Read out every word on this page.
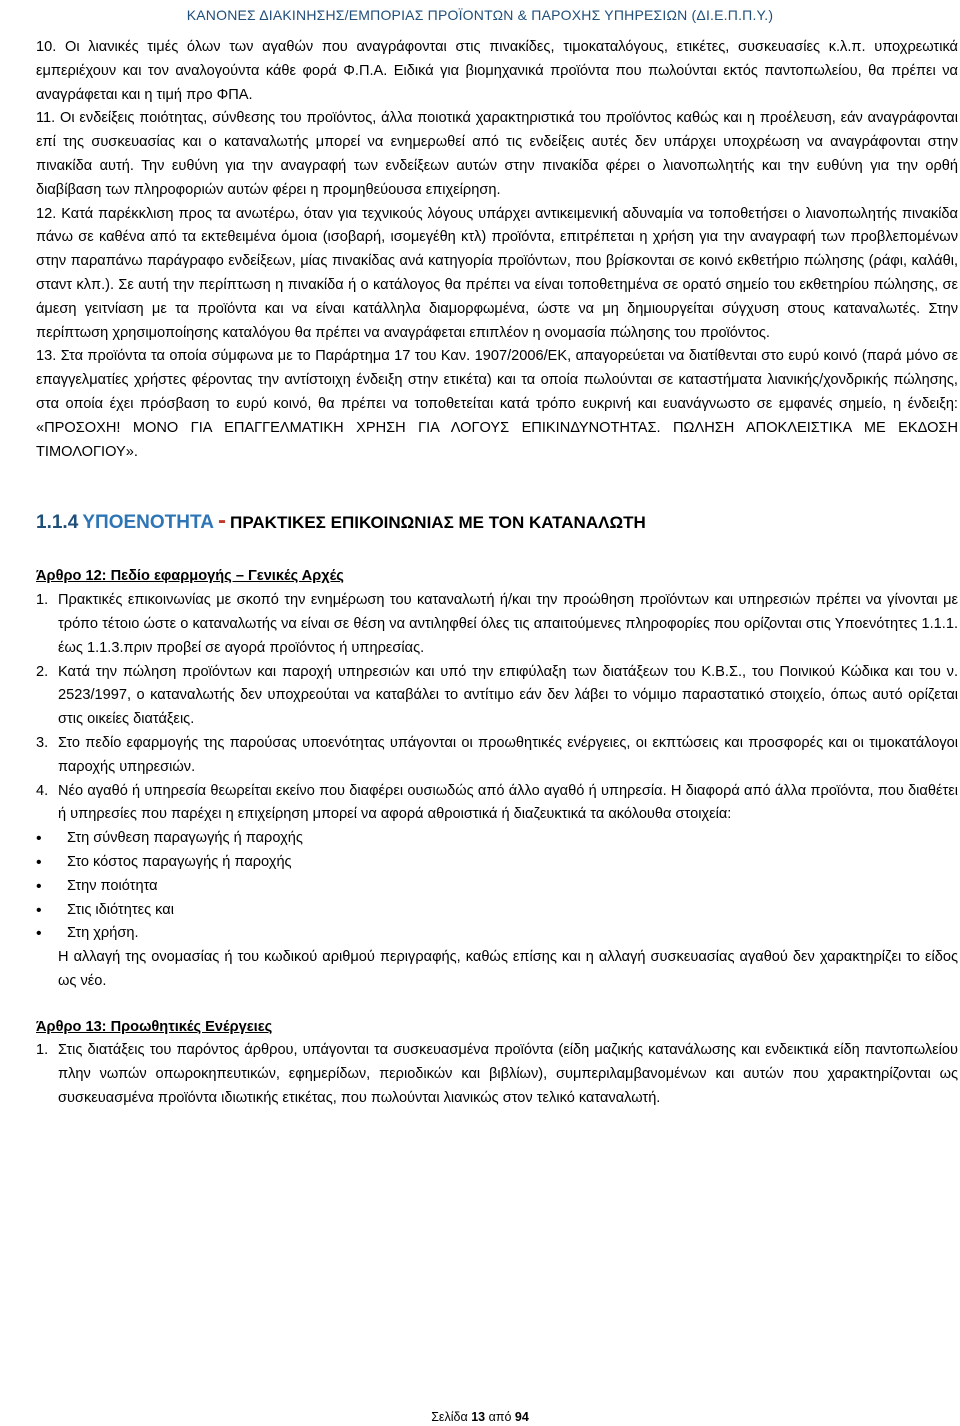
ΚΑΝΟΝΕΣ ΔΙΑΚΙΝΗΣΗΣ/ΕΜΠΟΡΙΑΣ ΠΡΟΪΟΝΤΩΝ & ΠΑΡΟΧΗΣ ΥΠΗΡΕΣΙΩΝ (ΔΙ.Ε.Π.Π.Υ.)

10. Οι λιανικές τιμές όλων των αγαθών που αναγράφονται στις πινακίδες, τιμοκαταλόγους, ετικέτες, συσκευασίες κ.λ.π. υποχρεωτικά εμπεριέχουν και τον αναλογούντα κάθε φορά Φ.Π.Α. Ειδικά για βιομηχανικά προϊόντα που πωλούνται εκτός παντοπωλείου, θα πρέπει να αναγράφεται και η τιμή προ ΦΠΑ.

11. Οι ενδείξεις ποιότητας, σύνθεσης του προϊόντος, άλλα ποιοτικά χαρακτηριστικά του προϊόντος καθώς και η προέλευση, εάν αναγράφονται επί της συσκευασίας και ο καταναλωτής μπορεί να ενημερωθεί από τις ενδείξεις αυτές δεν υπάρχει υποχρέωση να αναγράφονται στην πινακίδα αυτή. Την ευθύνη για την αναγραφή των ενδείξεων αυτών στην πινακίδα φέρει ο λιανοπωλητής και την ευθύνη για την ορθή διαβίβαση των πληροφοριών αυτών φέρει η προμηθεύουσα επιχείρηση.

12. Κατά παρέκκλιση προς τα ανωτέρω, όταν για τεχνικούς λόγους υπάρχει αντικειμενική αδυναμία να τοποθετήσει ο λιανοπωλητής πινακίδα πάνω σε καθένα από τα εκτεθειμένα όμοια (ισοβαρή, ισομεγέθη κτλ) προϊόντα, επιτρέπεται η χρήση για την αναγραφή των προβλεπομένων στην παραπάνω παράγραφο ενδείξεων, μίας πινακίδας ανά κατηγορία προϊόντων, που βρίσκονται σε κοινό εκθετήριο πώλησης (ράφι, καλάθι, σταντ κλπ.). Σε αυτή την περίπτωση η πινακίδα ή ο κατάλογος θα πρέπει να είναι τοποθετημένα σε ορατό σημείο του εκθετηρίου πώλησης, σε άμεση γειτνίαση με τα προϊόντα και να είναι κατάλληλα διαμορφωμένα, ώστε να μη δημιουργείται σύγχυση στους καταναλωτές. Στην περίπτωση χρησιμοποίησης καταλόγου θα πρέπει να αναγράφεται επιπλέον η ονομασία πώλησης του προϊόντος.

13. Στα προϊόντα τα οποία σύμφωνα με το Παράρτημα 17 του Καν. 1907/2006/ΕΚ, απαγορεύεται να διατίθενται στο ευρύ κοινό (παρά μόνο σε επαγγελματίες χρήστες φέροντας την αντίστοιχη ένδειξη στην ετικέτα) και τα οποία πωλούνται σε καταστήματα λιανικής/χονδρικής πώλησης, στα οποία έχει πρόσβαση το ευρύ κοινό, θα πρέπει να τοποθετείται κατά τρόπο ευκρινή και ευανάγνωστο σε εμφανές σημείο, η ένδειξη: «ΠΡΟΣΟΧΗ! ΜΟΝΟ ΓΙΑ ΕΠΑΓΓΕΛΜΑΤΙΚΗ ΧΡΗΣΗ ΓΙΑ ΛΟΓΟΥΣ ΕΠΙΚΙΝΔΥΝΟΤΗΤΑΣ. ΠΩΛΗΣΗ ΑΠΟΚΛΕΙΣΤΙΚΑ ΜΕ ΕΚΔΟΣΗ ΤΙΜΟΛΟΓΙΟΥ».

1.1.4 ΥΠΟΕΝΟΤΗΤΑ - ΠΡΑΚΤΙΚΕΣ ΕΠΙΚΟΙΝΩΝΙΑΣ ΜΕ ΤΟΝ ΚΑΤΑΝΑΛΩΤΗ

Άρθρο 12: Πεδίο εφαρμογής – Γενικές Αρχές

1. Πρακτικές επικοινωνίας με σκοπό την ενημέρωση του καταναλωτή ή/και την προώθηση προϊόντων και υπηρεσιών πρέπει να γίνονται με τρόπο τέτοιο ώστε ο καταναλωτής να είναι σε θέση να αντιληφθεί όλες τις απαιτούμενες πληροφορίες που ορίζονται στις Υποενότητες 1.1.1. έως 1.1.3.πριν προβεί σε αγορά προϊόντος ή υπηρεσίας.

2. Κατά την πώληση προϊόντων και παροχή υπηρεσιών και υπό την επιφύλαξη των διατάξεων του Κ.Β.Σ., του Ποινικού Κώδικα και του ν. 2523/1997, ο καταναλωτής δεν υποχρεούται να καταβάλει το αντίτιμο εάν δεν λάβει το νόμιμο παραστατικό στοιχείο, όπως αυτό ορίζεται στις οικείες διατάξεις.

3. Στο πεδίο εφαρμογής της παρούσας υποενότητας υπάγονται οι προωθητικές ενέργειες, οι εκπτώσεις και προσφορές και οι τιμοκατάλογοι παροχής υπηρεσιών.

4. Νέο αγαθό ή υπηρεσία θεωρείται εκείνο που διαφέρει ουσιωδώς από άλλο αγαθό ή υπηρεσία. Η διαφορά από άλλα προϊόντα, που διαθέτει ή υπηρεσίες που παρέχει η επιχείρηση μπορεί να αφορά αθροιστικά ή διαζευκτικά τα ακόλουθα στοιχεία:

• Στη σύνθεση παραγωγής ή παροχής
• Στο κόστος παραγωγής ή παροχής
• Στην ποιότητα
• Στις ιδιότητες και
• Στη χρήση.

Η αλλαγή της ονομασίας ή του κωδικού αριθμού περιγραφής, καθώς επίσης και η αλλαγή συσκευασίας αγαθού δεν χαρακτηρίζει το είδος ως νέο.

Άρθρο 13: Προωθητικές Ενέργειες

1. Στις διατάξεις του παρόντος άρθρου, υπάγονται τα συσκευασμένα προϊόντα (είδη μαζικής κατανάλωσης και ενδεικτικά είδη παντοπωλείου πλην νωπών οπωροκηπευτικών, εφημερίδων, περιοδικών και βιβλίων), συμπεριλαμβανομένων και αυτών που χαρακτηρίζονται ως συσκευασμένα προϊόντα ιδιωτικής ετικέτας, που πωλούνται λιανικώς στον τελικό καταναλωτή.

Σελίδα 13 από 94
